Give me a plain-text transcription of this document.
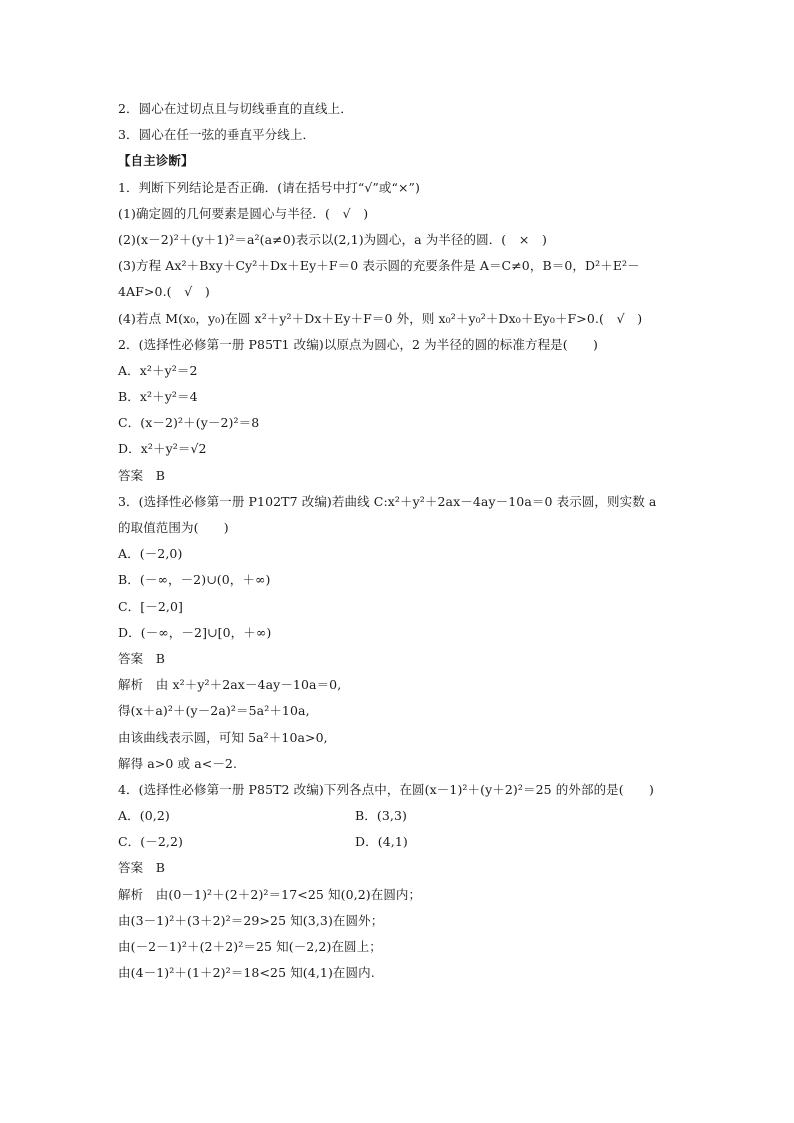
2．圆心在过切点且与切线垂直的直线上．
3．圆心在任一弦的垂直平分线上．
【自主诊断】
1．判断下列结论是否正确．(请在括号中打“√”或“×”)
(1)确定圆的几何要素是圆心与半径．(　√　)
(2)(x－2)²＋(y＋1)²＝a²(a≠0)表示以(2,1)为圆心，a 为半径的圆．(　×　)
(3)方程 Ax²＋Bxy＋Cy²＋Dx＋Ey＋F＝0 表示圆的充要条件是 A＝C≠0，B＝0，D²＋E²－
4AF>0.(　√　)
(4)若点 M(x₀，y₀)在圆 x²＋y²＋Dx＋Ey＋F＝0 外，则 x₀²＋y₀²＋Dx₀＋Ey₀＋F>0.(　√　)
2．(选择性必修第一册 P85T1 改编)以原点为圆心，2 为半径的圆的标准方程是(　　)
A．x²＋y²＝2
B．x²＋y²＝4
C．(x－2)²＋(y－2)²＝8
D．x²＋y²＝√2
答案　B
3．(选择性必修第一册 P102T7 改编)若曲线 C:x²＋y²＋2ax－4ay－10a＝0 表示圆，则实数 a
的取值范围为(　　)
A．(－2,0)
B．(－∞，－2)∪(0，＋∞)
C．[－2,0]
D．(－∞，－2]∪[0，＋∞)
答案　B
解析　由 x²＋y²＋2ax－4ay－10a＝0,
得(x＋a)²＋(y－2a)²＝5a²＋10a,
由该曲线表示圆，可知 5a²＋10a>0,
解得 a>0 或 a<－2.
4．(选择性必修第一册 P85T2 改编)下列各点中，在圆(x－1)²＋(y＋2)²＝25 的外部的是(　　)
A．(0,2)	B．(3,3)
C．(－2,2)	D．(4,1)
答案　B
解析　由(0－1)²＋(2＋2)²＝17<25 知(0,2)在圆内；
由(3－1)²＋(3＋2)²＝29>25 知(3,3)在圆外；
由(－2－1)²＋(2＋2)²＝25 知(－2,2)在圆上；
由(4－1)²＋(1＋2)²＝18<25 知(4,1)在圆内.
